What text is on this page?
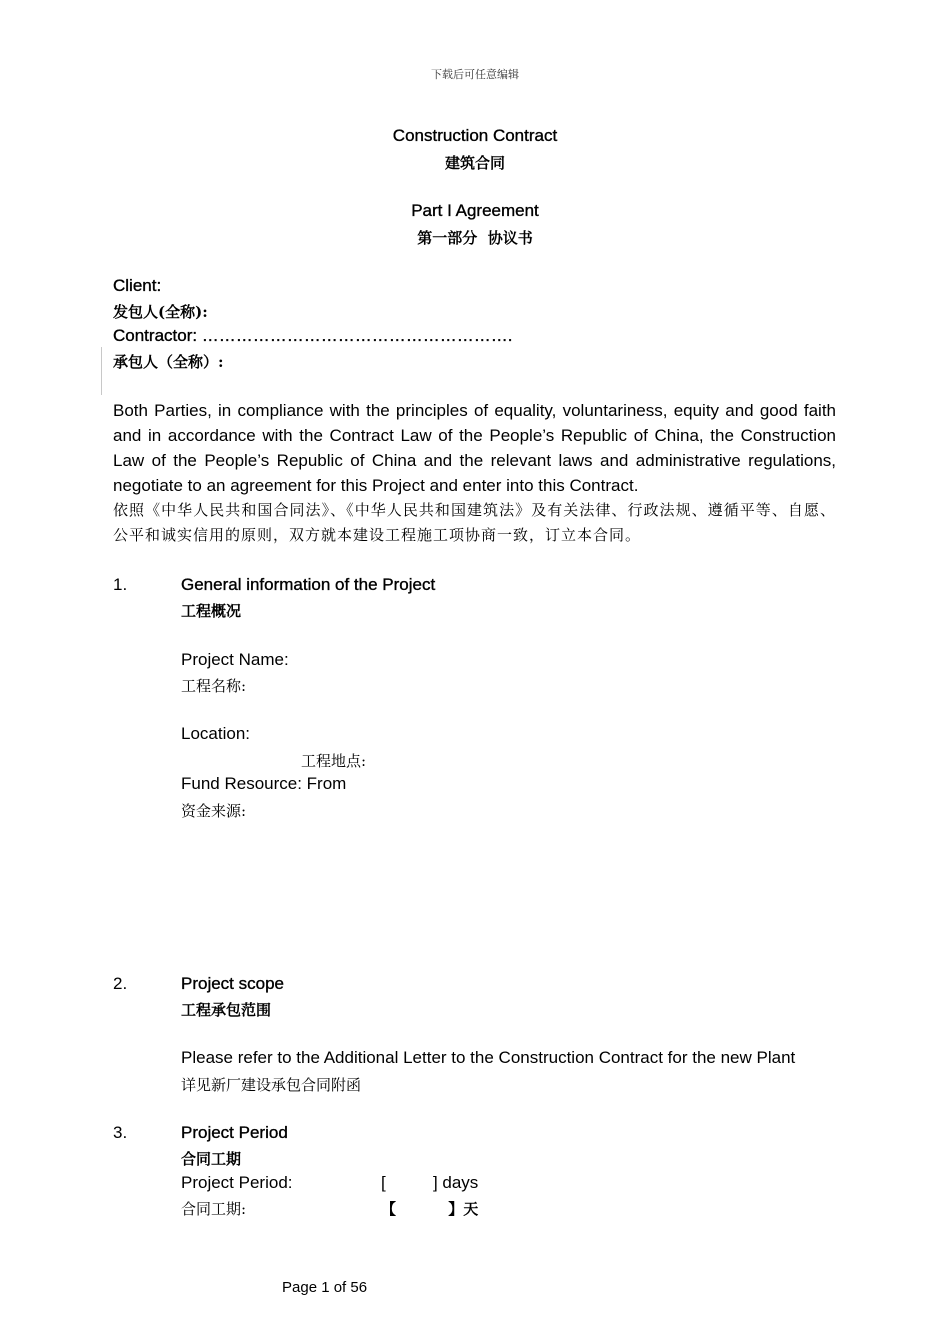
下载后可任意编辑
Construction Contract
建筑合同
Part I Agreement
第一部分  协议书
Client:
发包人(全称):
Contractor: ……………………………………………….
承包人（全称）:
Both Parties, in compliance with the principles of equality, voluntariness, equity and good faith and in accordance with the Contract Law of the People’s Republic of China, the Construction Law of the People’s Republic of China and the relevant laws and administrative regulations, negotiate to an agreement for this Project and enter into this Contract.
依照《中华人民共和国合同法》、《中华人民共和国建筑法》及有关法律、行政法规、遵循平等、自愿、公平和诚实信用的原则，双方就本建设工程施工项协商一致，订立本合同。
1.	General information of the Project
工程概况
Project Name:
工程名称:
Location:
工程地点:
Fund Resource: From
资金来源:
2.	Project scope
工程承包范围
Please refer to the Additional Letter to the Construction Contract for the new Plant
详见新厂建设承包合同附函
3.	Project Period
合同工期
Project Period:	[          ] days
合同工期:	【          】天
Page 1 of 56
